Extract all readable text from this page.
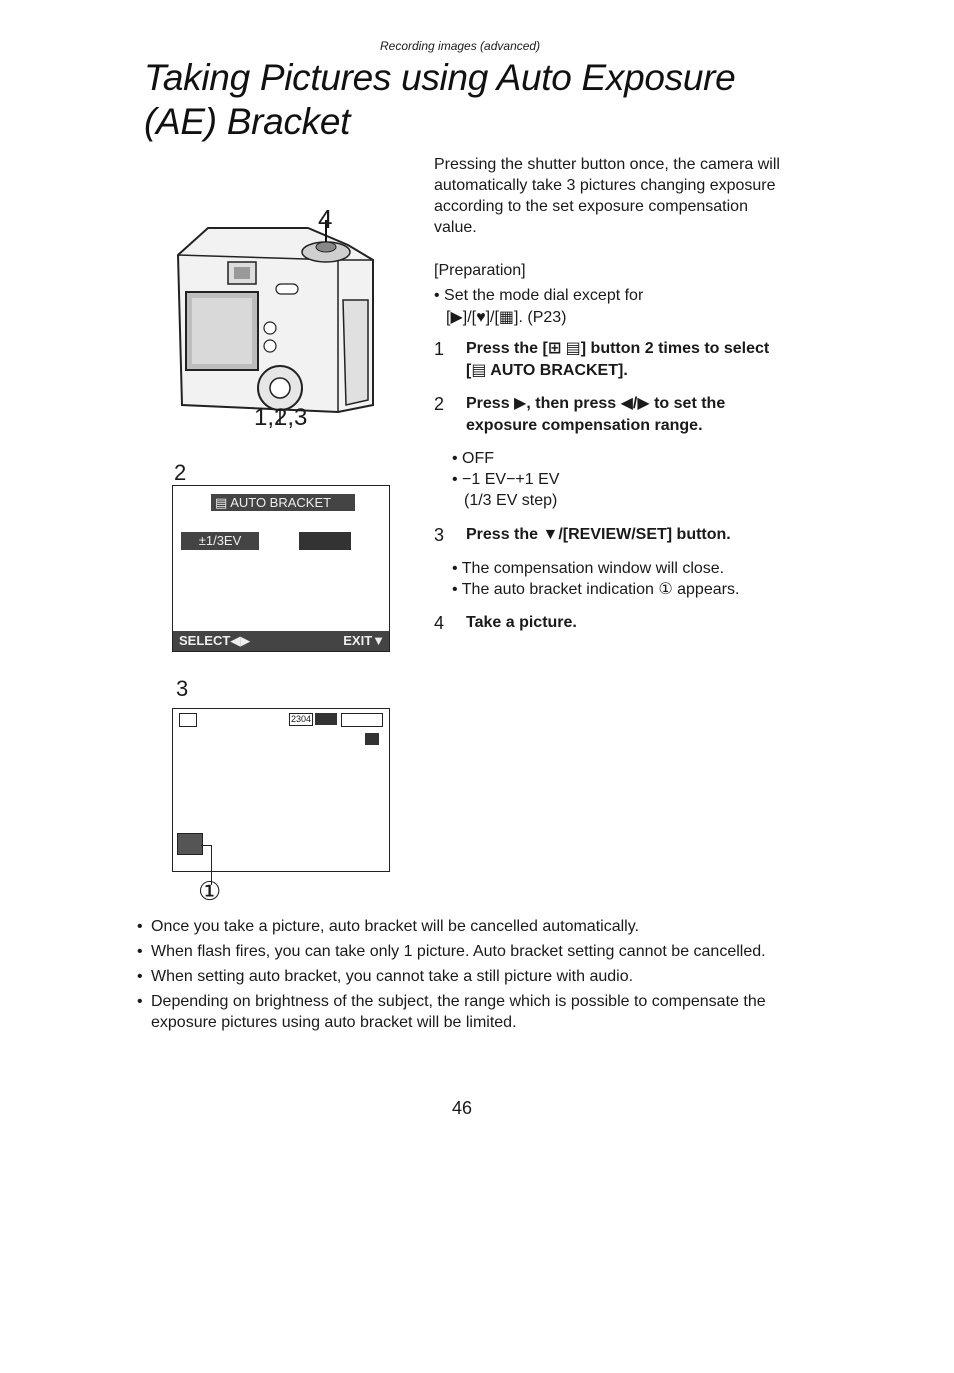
Recording images (advanced)
Taking Pictures using Auto Exposure
(AE) Bracket
4
1,2,3
2
▤ AUTO BRACKET
±1/3EV
SELECT◀▶	EXIT▼
3
2304
①
Pressing the shutter button once, the camera will automatically take 3 pictures changing exposure according to the set exposure compensation value.
[Preparation]
• Set the mode dial except for
[▶]/[♥]/[▦]. (P23)
1 Press the [⊞ ▤] button 2 times to select [▤ AUTO BRACKET].
2 Press ▶, then press ◀/▶ to set the exposure compensation range.
• OFF
• −1 EV−+1 EV
(1/3 EV step)
3 Press the ▼/[REVIEW/SET] button.
• The compensation window will close.
• The auto bracket indication ① appears.
4 Take a picture.
• Once you take a picture, auto bracket will be cancelled automatically.
• When flash fires, you can take only 1 picture. Auto bracket setting cannot be cancelled.
• When setting auto bracket, you cannot take a still picture with audio.
• Depending on brightness of the subject, the range which is possible to compensate the exposure pictures using auto bracket will be limited.
46
